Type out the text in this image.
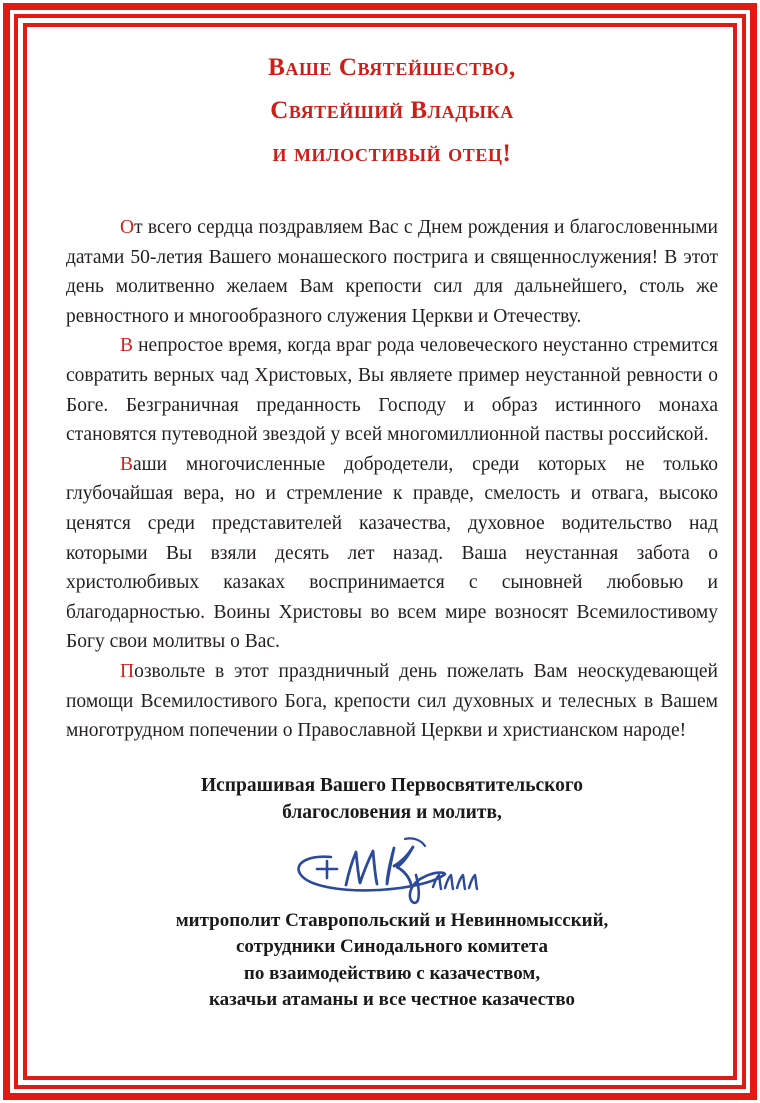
Ваше Святейшество,
Святейший Владыка
и милостивый отец!

От всего сердца поздравляем Вас с Днем рождения и благословенными датами 50-летия Вашего монашеского пострига и священнослужения! В этот день молитвенно желаем Вам крепости сил для дальнейшего, столь же ревностного и многообразного служения Церкви и Отечеству.

В непростое время, когда враг рода человеческого неустанно стремится совратить верных чад Христовых, Вы являете пример неустанной ревности о Боге. Безграничная преданность Господу и образ истинного монаха становятся путеводной звездой у всей многомиллионной паствы российской.

Ваши многочисленные добродетели, среди которых не только глубочайшая вера, но и стремление к правде, смелость и отвага, высоко ценятся среди представителей казачества, духовное водительство над которыми Вы взяли десять лет назад. Ваша неустанная забота о христолюбивых казаках воспринимается с сыновней любовью и благодарностью. Воины Христовы во всем мире возносят Всемилостивому Богу свои молитвы о Вас.

Позвольте в этот праздничный день пожелать Вам неоскудевающей помощи Всемилостивого Бога, крепости сил духовных и телесных в Вашем многотрудном попечении о Православной Церкви и христианском народе!

Испрашивая Вашего Первосвятительского
благословения и молитв,
митрополит Ставропольский и Невинномысский,
сотрудники Синодального комитета
по взаимодействию с казачеством,
казачьи атаманы и все честное казачество
